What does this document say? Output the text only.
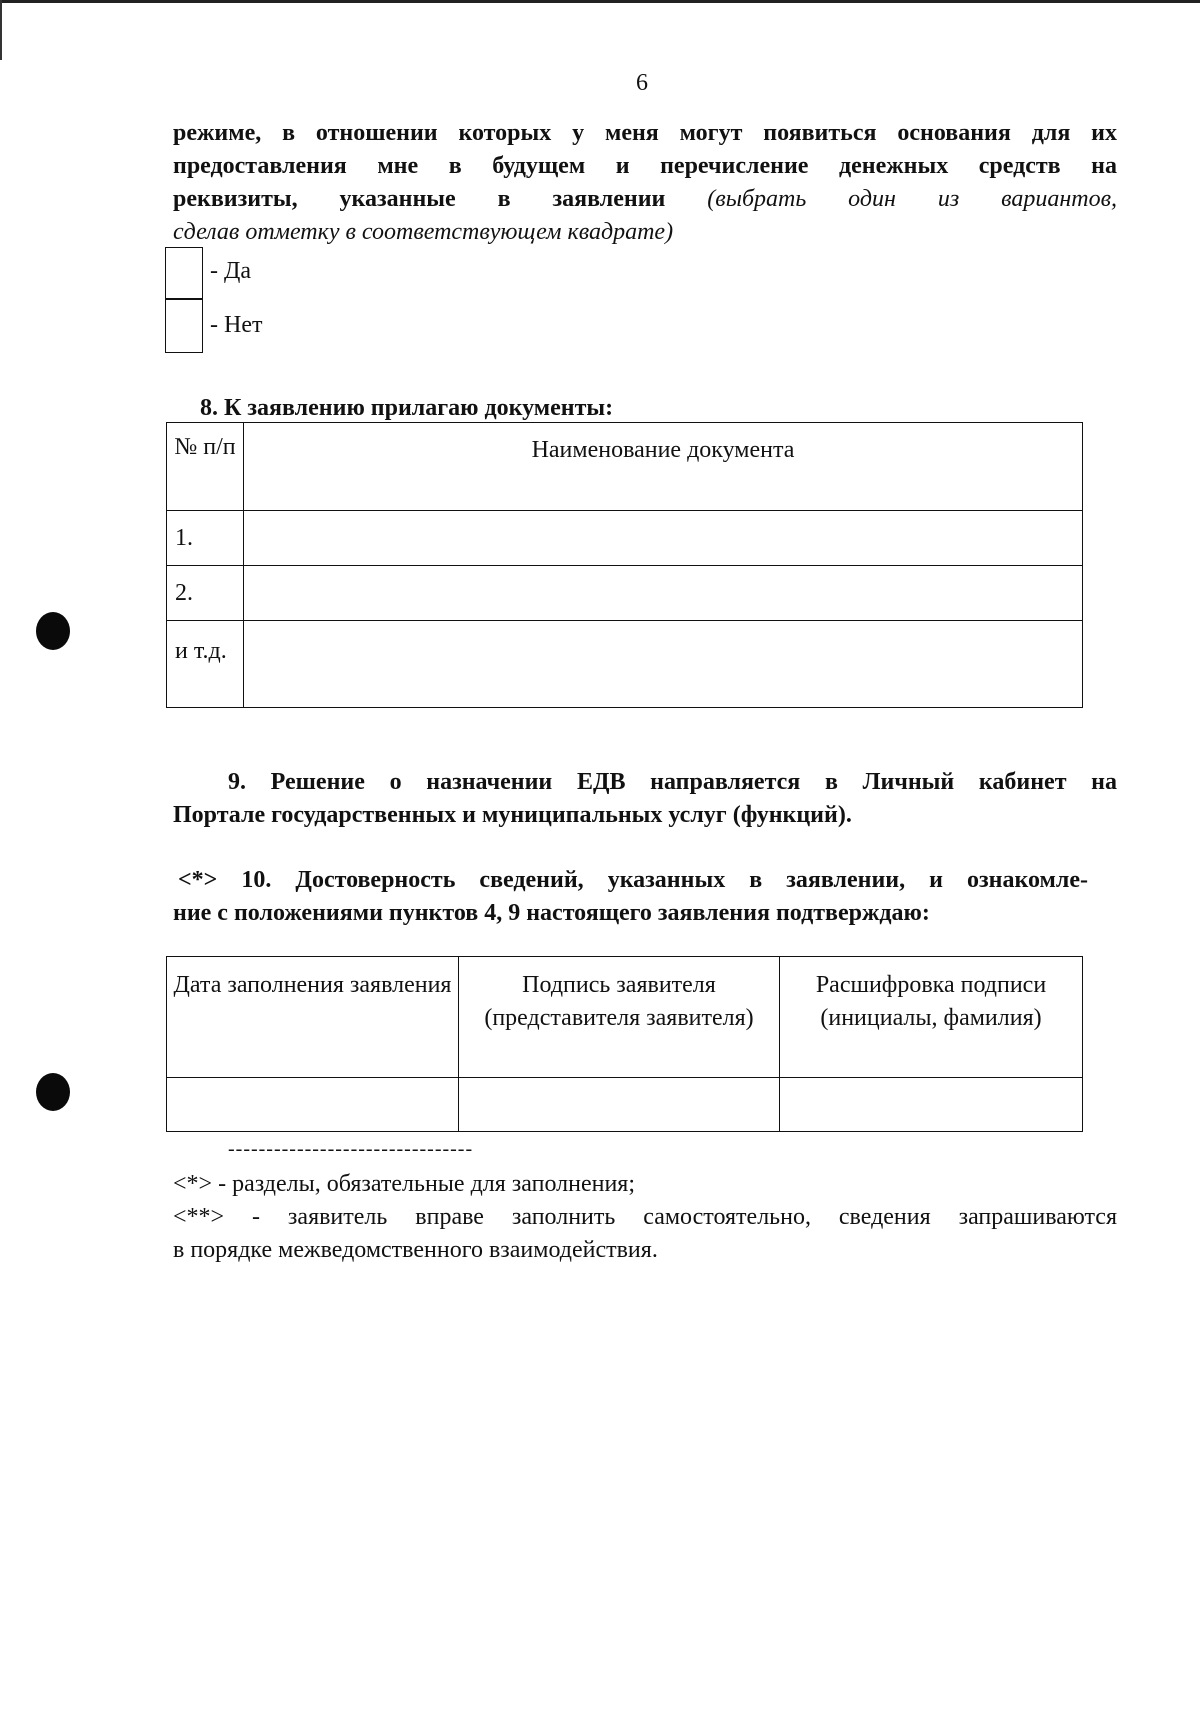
6
режиме, в отношении которых у меня могут появиться основания для их
предоставления мне в будущем и перечисление денежных средств на
реквизиты, указанные в заявлении (выбрать один из вариантов,
сделав отметку в соответствующем квадрате)
- Да
- Нет
8. К заявлению прилагаю документы:
№ п/п	Наименование документа
1.	
2.	
и т.д.	
9. Решение о назначении ЕДВ направляется в Личный кабинет на
Портале государственных и муниципальных услуг (функций).
<*> 10. Достоверность сведений, указанных в заявлении, и ознакомле-
ние с положениями пунктов 4, 9 настоящего заявления подтверждаю:
Дата заполнения заявления	Подпись заявителя (представителя заявителя)	Расшифровка подписи (инициалы, фамилия)

--------------------------------
<*> - разделы, обязательные для заполнения;
<**> - заявитель вправе заполнить самостоятельно, сведения запрашиваются
в порядке межведомственного взаимодействия.
